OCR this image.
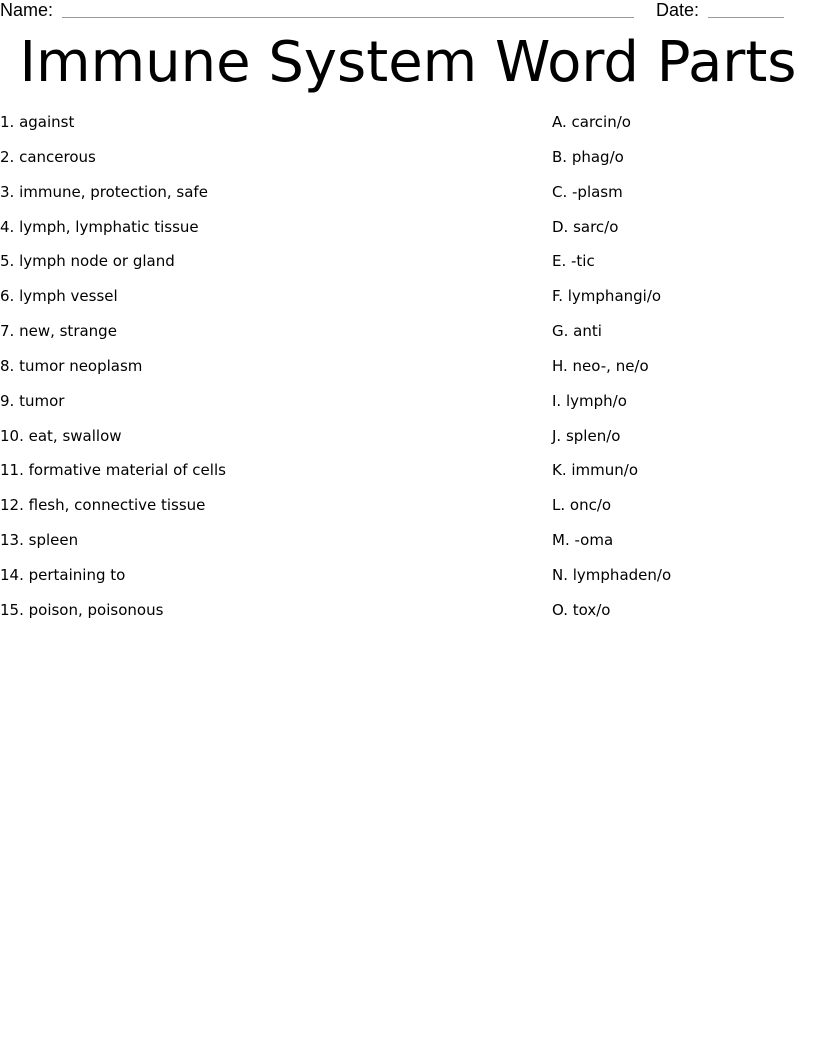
Name:	Date:
Immune System Word Parts
1. against
2. cancerous
3. immune, protection, safe
4. lymph, lymphatic tissue
5. lymph node or gland
6. lymph vessel
7. new, strange
8. tumor neoplasm
9. tumor
10. eat, swallow
11. formative material of cells
12. flesh, connective tissue
13. spleen
14. pertaining to
15. poison, poisonous
A. carcin/o
B. phag/o
C. -plasm
D. sarc/o
E. -tic
F. lymphangi/o
G. anti
H. neo-, ne/o
I. lymph/o
J. splen/o
K. immun/o
L. onc/o
M. -oma
N. lymphaden/o
O. tox/o
